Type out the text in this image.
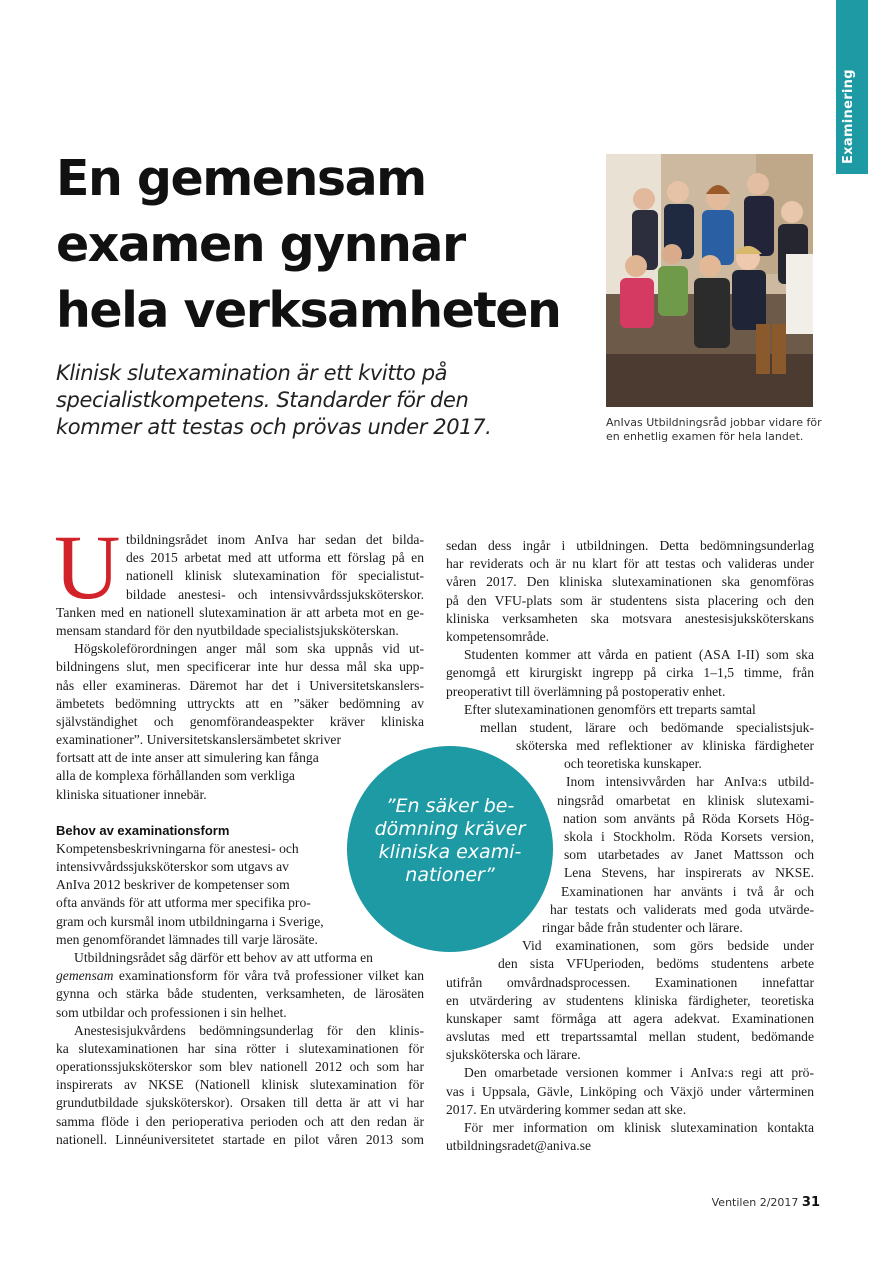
Examinering
En gemensam
examen gynnar
hela verksamheten
Klinisk slutexamination är ett kvitto på
specialistkompetens. Standarder för den
kommer att testas och prövas under 2017.	AnIvas Utbildningsråd jobbar vidare för
en enhetlig examen för hela landet.
U tbildningsrådet inom AnIva har sedan det bilda-
des 2015 arbetat med att utforma ett förslag på en
nationell klinisk slutexamination för specialistut-
bildade anestesi- och intensivvårdssjuksköterskor.
Tanken med en nationell slutexamination är att arbeta mot en ge-
mensam standard för den nyutbildade specialistsjuksköterskan.
Högskoleförordningen anger mål som ska uppnås vid ut-
bildningens slut, men specificerar inte hur dessa mål ska upp-
nås eller examineras. Däremot har det i Universitetskanslers-
ämbetets bedömning uttryckts att en ”säker bedömning av
självständighet och genomförandeaspekter kräver kliniska
examinationer”. Universitetskanslersämbetet skriver
fortsatt att de inte anser att simulering kan fånga
alla de komplexa förhållanden som verkliga
kliniska situationer innebär.
Behov av examinationsform
Kompetensbeskrivningarna för anestesi- och
intensivvårdssjuksköterskor som utgavs av
AnIva 2012 beskriver de kompetenser som
ofta används för att utforma mer specifika pro-
gram och kursmål inom utbildningarna i Sverige,
men genomförandet lämnades till varje lärosäte.
Utbildningsrådet såg därför ett behov av att utforma en
gemensam examinationsform för våra två professioner vilket kan
gynna och stärka både studenten, verksamheten, de lärosäten
som utbildar och professionen i sin helhet.
Anestesisjukvårdens bedömningsunderlag för den klinis-
ka slutexaminationen har sina rötter i slutexaminationen för
operationssjuksköterskor som blev nationell 2012 och som har
inspirerats av NKSE (Nationell klinisk slutexamination för
grundutbildade sjuksköterskor). Orsaken till detta är att vi har
samma flöde i den perioperativa perioden och att den redan är
nationell. Linnéuniversitetet startade en pilot våren 2013 som
sedan dess ingår i utbildningen. Detta bedömningsunderlag
har reviderats och är nu klart för att testas och valideras under
våren 2017. Den kliniska slutexaminationen ska genomföras
på den VFU-plats som är studentens sista placering och den
kliniska verksamheten ska motsvara anestesisjuksköterskans
kompetensområde.
Studenten kommer att vårda en patient (ASA I-II) som ska
genomgå ett kirurgiskt ingrepp på cirka 1–1,5 timme, från
preoperativt till överlämning på postoperativ enhet.
Efter slutexaminationen genomförs ett treparts samtal
mellan student, lärare och bedömande specialistsjuk-
sköterska med reflektioner av kliniska färdigheter
och teoretiska kunskaper.
Inom intensivvården har AnIva:s utbild-
ningsråd omarbetat en klinisk slutexami-
nation som använts på Röda Korsets Hög-
skola i Stockholm. Röda Korsets version,
som utarbetades av Janet Mattsson och
Lena Stevens, har inspirerats av NKSE.
Examinationen har använts i två år och
har testats och validerats med goda utvärde-
ringar både från studenter och lärare.
Vid examinationen, som görs bedside under
den sista VFUperioden, bedöms studentens arbete
utifrån omvårdnadsprocessen. Examinationen innefattar
en utvärdering av studentens kliniska färdigheter, teoretiska
kunskaper samt förmåga att agera adekvat. Examinationen
avslutas med ett trepartssamtal mellan student, bedömande
sjuksköterska och lärare.
Den omarbetade versionen kommer i AnIva:s regi att prö-
vas i Uppsala, Gävle, Linköping och Växjö under vårterminen
2017. En utvärdering kommer sedan att ske.
För mer information om klinisk slutexamination kontakta
utbildningsradet@aniva.se
”En säker be-
dömning kräver
kliniska exami-
nationer”
Ventilen 2/2017 31
